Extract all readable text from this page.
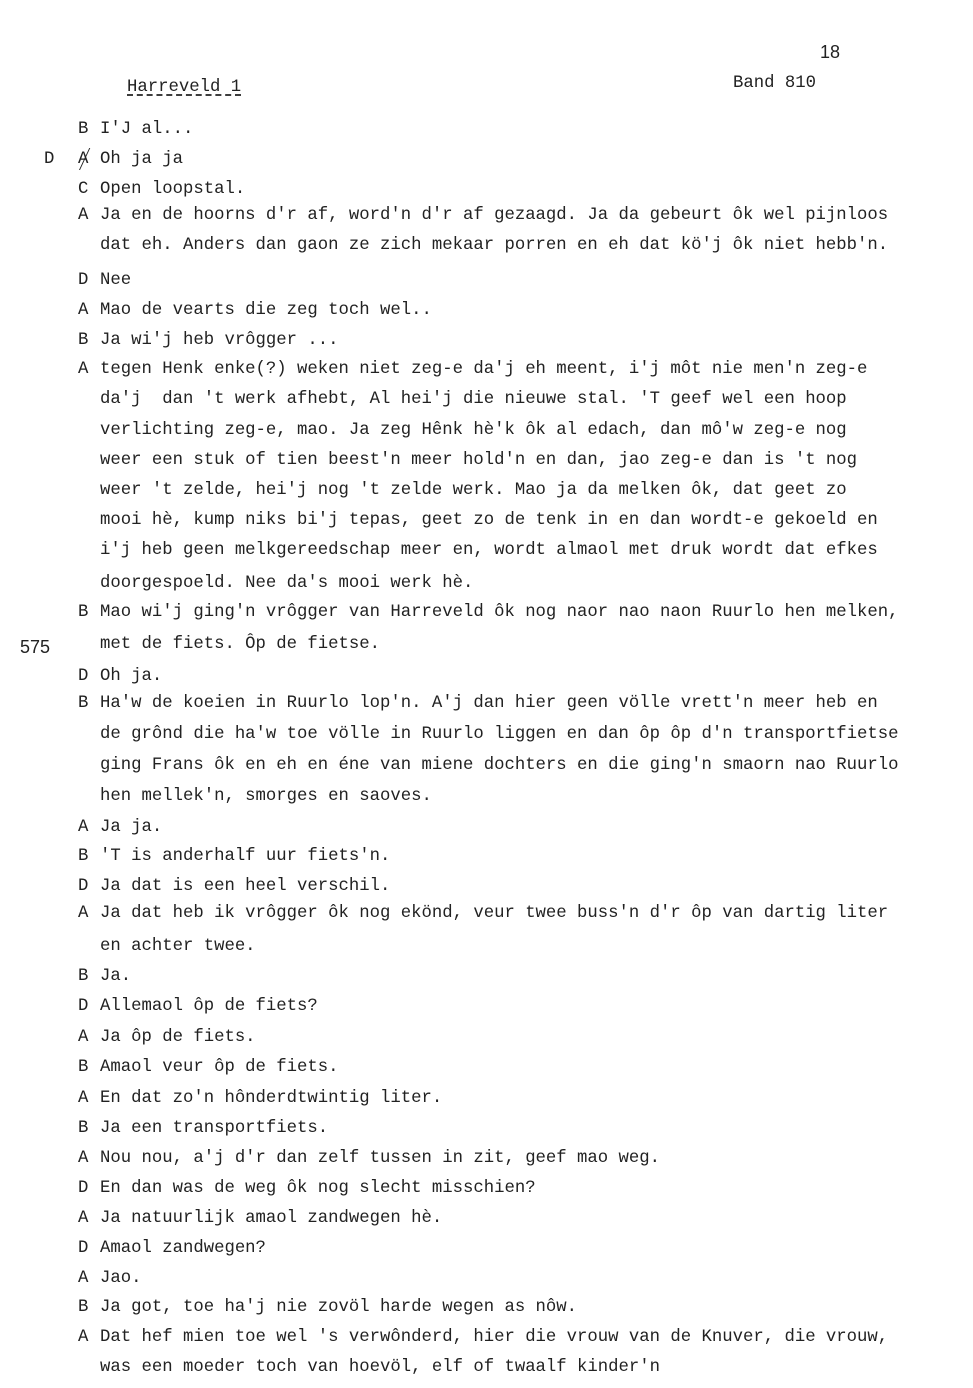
18
Harreveld 1	Band 810
D
575
B I'J al...
A Oh ja ja
C Open loopstal.
A Ja en de hoorns d'r af, word'n d'r af gezaagd. Ja da gebeurt ôk wel pijnloos
dat eh. Anders dan gaon ze zich mekaar porren en eh dat kö'j ôk niet hebb'n.
D Nee
A Mao de vearts die zeg toch wel..
B Ja wi'j heb vrôgger ...
A tegen Henk enke(?) weken niet zeg-e da'j eh meent, i'j môt nie men'n zeg-e
da'j  dan 't werk afhebt, Al hei'j die nieuwe stal. 'T geef wel een hoop
verlichting zeg-e, mao. Ja zeg Hênk hè'k ôk al edach, dan mô'w zeg-e nog
weer een stuk of tien beest'n meer hold'n en dan, jao zeg-e dan is 't nog
weer 't zelde, hei'j nog 't zelde werk. Mao ja da melken ôk, dat geet zo
mooi hè, kump niks bi'j tepas, geet zo de tenk in en dan wordt-e gekoeld en
i'j heb geen melkgereedschap meer en, wordt almaol met druk wordt dat efkes
doorgespoeld. Nee da's mooi werk hè.
B Mao wi'j ging'n vrôgger van Harreveld ôk nog naor nao naon Ruurlo hen melken,
met de fiets. Ôp de fietse.
D Oh ja.
B Ha'w de koeien in Ruurlo lop'n. A'j dan hier geen völle vrett'n meer heb en
de grônd die ha'w toe völle in Ruurlo liggen en dan ôp ôp d'n transportfietse
ging Frans ôk en eh en éne van miene dochters en die ging'n smaorn nao Ruurlo
hen mellek'n, smorges en saoves.
A Ja ja.
B 'T is anderhalf uur fiets'n.
D Ja dat is een heel verschil.
A Ja dat heb ik vrôgger ôk nog ekönd, veur twee buss'n d'r ôp van dartig liter
en achter twee.
B Ja.
D Allemaol ôp de fiets?
A Ja ôp de fiets.
B Amaol veur ôp de fiets.
A En dat zo'n hônderdtwintig liter.
B Ja een transportfiets.
A Nou nou, a'j d'r dan zelf tussen in zit, geef mao weg.
D En dan was de weg ôk nog slecht misschien?
A Ja natuurlijk amaol zandwegen hè.
D Amaol zandwegen?
A Jao.
B Ja got, toe ha'j nie zovöl harde wegen as nôw.
A Dat hef mien toe wel 's verwônderd, hier die vrouw van de Knuver, die vrouw,
was een moeder toch van hoevöl, elf of twaalf kinder'n
